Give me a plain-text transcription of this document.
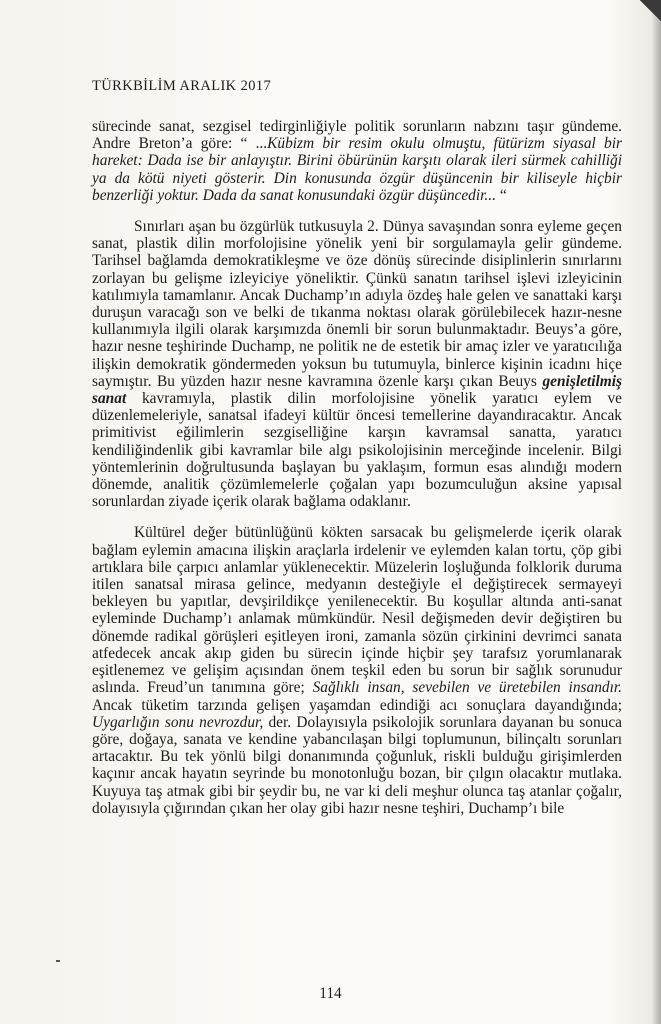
TÜRKBİLİM ARALIK 2017

sürecinde sanat, sezgisel tedirginliğiyle politik sorunların nabzını taşır gündeme. Andre Breton’a göre: “ ...Kübizm bir resim okulu olmuştu, fütürizm siyasal bir hareket: Dada ise bir anlayıştır. Birini öbürünün karşıtı olarak ileri sürmek cahilliği ya da kötü niyeti gösterir. Din konusunda özgür düşüncenin bir kiliseyle hiçbir benzerliği yoktur. Dada da sanat konusundaki özgür düşüncedir... “

Sınırları aşan bu özgürlük tutkusuyla 2. Dünya savaşından sonra eyleme geçen sanat, plastik dilin morfolojisine yönelik yeni bir sorgulamayla gelir gündeme. Tarihsel bağlamda demokratikleşme ve öze dönüş sürecinde disiplinlerin sınırlarını zorlayan bu gelişme izleyiciye yöneliktir. Çünkü sanatın tarihsel işlevi izleyicinin katılımıyla tamamlanır. Ancak Duchamp’ın adıyla özdeş hale gelen ve sanattaki karşı duruşun varacağı son ve belki de tıkanma noktası olarak görülebilecek hazır-nesne kullanımıyla ilgili olarak karşımızda önemli bir sorun bulunmaktadır. Beuys’a göre, hazır nesne teşhirinde Duchamp, ne politik ne de estetik bir amaç izler ve yaratıcılığa ilişkin demokratik göndermeden yoksun bu tutumuyla, binlerce kişinin icadını hiçe saymıştır. Bu yüzden hazır nesne kavramına özenle karşı çıkan Beuys genişletilmiş sanat kavramıyla, plastik dilin morfolojisine yönelik yaratıcı eylem ve düzenlemeleriyle, sanatsal ifadeyi kültür öncesi temellerine dayandıracaktır. Ancak primitivist eğilimlerin sezgiselliğine karşın kavramsal sanatta, yaratıcı kendiliğindenlik gibi kavramlar bile algı psikolojisinin merceğinde incelenir. Bilgi yöntemlerinin doğrultusunda başlayan bu yaklaşım, formun esas alındığı modern dönemde, analitik çözümlemelerle çoğalan yapı bozumculuğun aksine yapısal sorunlardan ziyade içerik olarak bağlama odaklanır.

Kültürel değer bütünlüğünü kökten sarsacak bu gelişmelerde içerik olarak bağlam eylemin amacına ilişkin araçlarla irdelenir ve eylemden kalan tortu, çöp gibi artıklara bile çarpıcı anlamlar yüklenecektir. Müzelerin loşluğunda folklorik duruma itilen sanatsal mirasa gelince, medyanın desteğiyle el değiştirecek sermayeyi bekleyen bu yapıtlar, devşirildikçe yenilenecektir. Bu koşullar altında anti-sanat eyleminde Duchamp’ı anlamak mümkündür. Nesil değişmeden devir değiştiren bu dönemde radikal görüşleri eşitleyen ironi, zamanla sözün çirkinini devrimci sanata atfedecek ancak akıp giden bu sürecin içinde hiçbir şey tarafsız yorumlanarak eşitlenemez ve gelişim açısından önem teşkil eden bu sorun bir sağlık sorunudur aslında. Freud’un tanımına göre; Sağlıklı insan, sevebilen ve üretebilen insandır. Ancak tüketim tarzında gelişen yaşamdan edindiği acı sonuçlara dayandığında; Uygarlığın sonu nevrozdur, der. Dolayısıyla psikolojik sorunlara dayanan bu sonuca göre, doğaya, sanata ve kendine yabancılaşan bilgi toplumunun, bilinçaltı sorunları artacaktır. Bu tek yönlü bilgi donanımında çoğunluk, riskli bulduğu girişimlerden kaçınır ancak hayatın seyrinde bu monotonluğu bozan, bir çılgın olacaktır mutlaka. Kuyuya taş atmak gibi bir şeydir bu, ne var ki deli meşhur olunca taş atanlar çoğalır, dolayısıyla çığırından çıkan her olay gibi hazır nesne teşhiri, Duchamp’ı bile

114
